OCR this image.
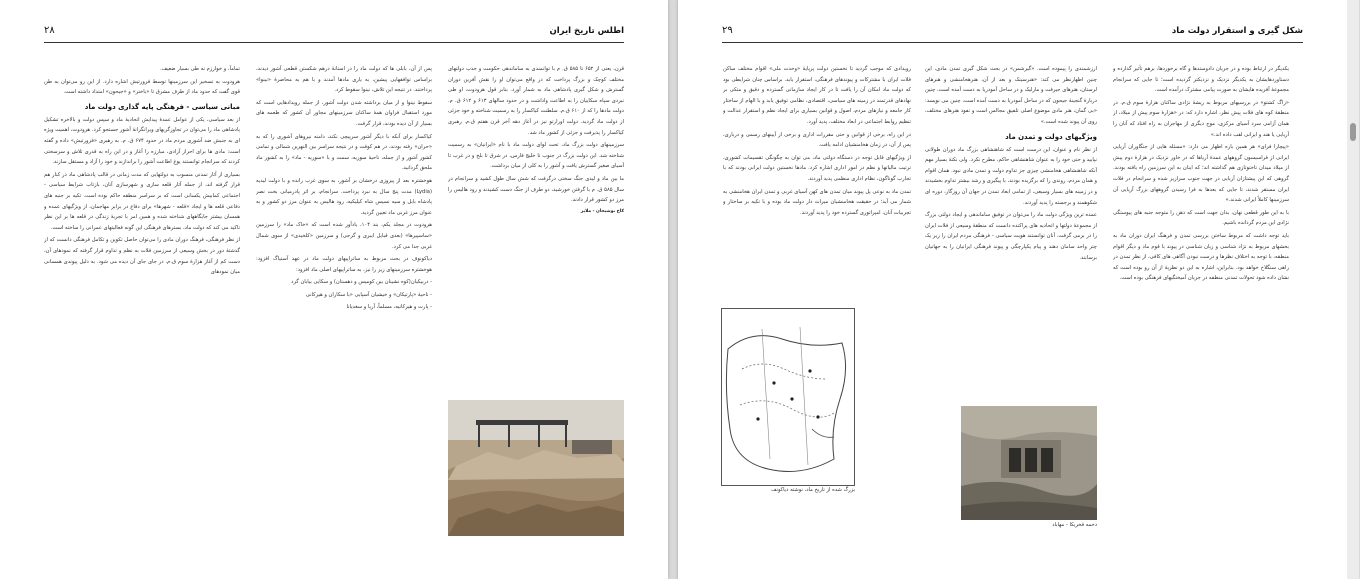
اطلس تاریخ ایران
۲۸

قرن، یعنی از ۶۵۲ تا ۵۸۵ ق. م با توانمندی به ساماندهی حکومت و جذب دولتهای مختلف کوچک و بزرگ پرداخت که در واقع می‌توان او را نقش آفرین دوران گسترش و شکل گیری پادشاهی ماد به شمار آورد. بنابر قول هرودوت، او طی نبردی سپاه سکاییان را به اطاعت واداشت و در حدود سالهای ۶۱۳ و ۶۱۲ ق. م. دولت مادها را که از ۶۱۰ ق.م. سلطنت کیاکسار را به رسمیت شناخته و خود جزئی از دولت ماد گردید. دولت اورارتو نیز در آغاز دهه آخر قرن هفتم ق.م. رهبری کیاکسار را پذیرفت و جزئی از کشور ماد شد.

سرزمینهای دولت بزرگ ماد، تحت لوای دولت ماد با نام «ایرانیان» به رسمیت شناخته شد. این دولت بزرگ در جنوب تا خلیج فارس، در شرق تا بلخ و در غرب تا آسیای صغیر گسترش یافت و آشور را به کلی از میان برداشت.

ما بین ماد و لیدی جنگ سختی درگرفت که شش سال طول کشید و سرانجام در سال ۵۸۵ ق. م با گرفتن خورشید، دو طرف از جنگ دست کشیدند و رود هالیس را مرز دو کشور قرار دادند.

کاخ نوشیجان - ملایر

پس از آن، بابلی ها که دولت ماد را در استانهٔ درهم شکستن قطعی آشور دیدند، براساس توافقهایی پیشین، به یاری مادها آمدند و با هم به محاصرهٔ «نینوا» پرداختند. در نتیجه این تلاش، نینوا سقوط کرد.

سقوط نینوا و از میان برداشته شدن دولت آشور، از جمله رویدادهایی است که مورد استقبال فراوان همهٔ ساکنان سرزمینهای مجاور آن کشور که طعمه های بسیار از آن دیده بودند، قرار گرفت.

کیاکسار برای آنکه با دیگر آشور سرپیچی نکند، دامنه نیروهای آشوری را که به «حران» رفته بودند، در هم کوفت و در نتیجه سراسر بین النهرین شمالی و تمامی کشور آشور و از جمله، ناحیهٔ سوریه، سمت و با «سوریه - ماد» را به کشور ماد ملحق گردانید.

هوخشتره بعد از پیروزی درخشان بر آشور، به سوی غرب رانده و با دولت لیدیه (Lydia) مدت پنج سال به نبرد پرداخت. سرانجام، بر اثر پادرمیانی بخت نصر پادشاه بابل و سیه نسیس شاه کیلیکیه، رود هالیس به عنوان مرز دو کشور و به عنوان مرز غربی ماد تعیین گردید.

هرودوت در مجلد یکم، بند ۱۰۴، یادآور شده است که «خاک ماد» را سرزمین «ساسپیرها» (بعدی قبایل ایبری و گرجی) و سرزمین «کلخیدی» از سوی شمال غربی جدا می کرد.

دیاکونوف در بحث مربوط به ساتراپیهای دولت ماد در عهد آستیاگ افزود: هوخشتره سرزمینهای زیر را نیز، به ساتراپیهای اصلی ماد افزود:

- دربیکیان(کوه نشینان بین کومیس و دهستان) و سکایی بیابان گرد

- ناحیهٔ «پارتیکان» و خیشیان آسپایی «با سکاران و هیرکانی

- پارت و هیرکانیه، مسلماً، آریا و سغدیانا

تمامآ، و خوارزم نه طی بسیار ضعیف.

هرودوت به تسخیر این سرزمینها توسط فرورتیش اشاره دارد. از این رو می‌توان به طن قوی گفت که حدود ماد از طرف مشرق تا «باختر» و «جیحون» امتداد داشته است.

مبانی سیاسی - فرهنگی پایه گذاری دولت ماد

از بعد سیاسی، یکی از عوامل عمدهٔ پیدایش اتحادیهٔ ماد و سپس دولت و بالاخره تشکیل پادشاهی ماد را می‌توان در تجاوزگریهای ویرانگرانهٔ آشور جستجو کرد. هرودوت، اهمیت ویژه ای به جنبش ضد آشوری مردم ماد در حدود ۶۷۴ ق. م. به رهبری «فرورتیش» داده و گفته است: مادی ها برای احراز آزادی، مبارزه را آغاز و در این راه به قدری تلاش و سرسختی کردند که سرانجام توانستند یوغ اطاعت آشور را براندازند و خود را آزاد و مستقل سازند.

بسیاری از آثار تمدنی منسوب به دولتهایی که مدت زمانی در قالب پادشاهی ماد در کنار هم قرار گرفته اند، از جمله آثار قلعه سازی و شهرسازی آنان، بازتاب شرایط سیاسی - اجتماعی کمابیش یکسانی است که بر سراسر منطقه حاکم بوده است. تکیه بر جنبه های دفاعی قلعه ها و ایجاد «قلعه - شهرها» برای دفاع در برابر مهاجمان، از ویژگیهای عمده و همسان بیشتر جایگاههای شناخته شده و همین امر با تجربهٔ زندگی در قلعه ها بر این نظر تاکید می کند که دولت ماد، بسترهای فرهنگی این گونه فعالیتهای عمرانی را ساخته است.

از نظر فرهنگی، فرهنگ دوران مادی را می‌توان حاصل تکوین و تکامل فرهنگی دانست که از گذشتهٔ دور در بخش وسیعی از سرزمین فلات به نظم و تداوم قرار گرفته که نمودهای آن، دست کم از آغاز هزارهٔ سوم ق.م. در جای جای آن دیده می شود. به دلیل پیوندی همسانی میان نمودهای

شکل گیری و استقرار دولت ماد
۲۹

یکدیگر در ارتباط بوده و در جریان دادوستدها و گاه برخوردها، برهم تأثیر گذارده و دستاوردهایشان به یکدیگر نزدیک و نزدیکتر گردیده است؛ تا جایی که سرانجام مجموعهٔ آفریده هایشان به صورت پیامی مشترک درآمده است.

«زاگ کشتو» در بررسیهای مربوط به ریشهٔ نژادی ساکنان هزارهٔ سوم ق.م. در منطقهٔ کوه های فلات پیش نظر، اشاره دارد که: در «هزارهٔ سوم پیش از میلاد، از همان آزامی سرد آسیای مرکزی، موج دیگری از مهاجران به راه افتاد که آنان را آریایی یا هند و ایرانی لقب داده اند.»

«پیچارا فرای» هر همین باره اظهار می دارد: «مسئله هایی از جنگاوران آریایی ایرانی از فراسیسون گروههای عمدهٔ آریاها که در خاور نزدیک در هزارهٔ دوم پیش از میلاد میدان تاختوتازی هم گذاشته اند؛ که اینان به این سرزمین راه یافته بودند. گروهی که این پیشتازان آریایی در جهت جنوب سرازیر شده و سرانجام در فلات ایران مستقر شدند، تا جایی که بعدها به فرا رسیدن گروههای بزرگ آریایی آن سرزمینها کاملاً ایرانی شدند.»

با به این طور قطعی نهان، بدان جهت است که ذهن را متوجه جنبه های پیوستگی نژادی این مردم گردانده باشیم.

باید توجه داشت که مربوط ساختن بررسی تمدن و فرهنگ ایران دوران ماد به بخشهای مربوط به نژاد شناسی و زبان شناسی در پیوند با قوم ماد و دیگر اقوام منطقه، با توجه به اختلاف نظرها و درست نبودن آگاهی های کافی، از نظر تمدن در راهی سنگلاخ خواهد بود. بنابراین، اشاره به این دو نظریهٔ از آن رو بوده است که نشان داده شود تحولات تمدنی منطقه در جریان آمیختگیهای فرهنگی بوده است.

ارزشمندی را پیموده است. «گیرشمن» در بحث شکل گیری تمدن مادی، این چنین اظهارنظر می کند: «هنرسینک و بعد از آن، هنرهخامنشی و هنرهای لرستان، هنرهای جیرفت و مارلیک و در ساحل آمودریا به دست آمده است، چنین دربارهٔ گنجینهٔ جیحون که در ساحل آمودریا به دست آمده است، چنین می نویسد: «بی گمان، هنر مادی موضوع اصلی تلفیق مجالس است و نفوذ هنرهای مختلف، روی آن پیوند شده است.»

ویژگیهای دولت و تمدن ماد

از نظر نام و عنوان، این درست است که شاهنشاهی بزرگ ماد دوران طولانی نپایید و حتی خود را به عنوان شاهنشاهی حاکم، مطرح نکرد. ولی نکتهٔ بسیار مهم آنکه شاهنشاهی هخامنشی چیزی جز تداوم دولت و تمدن مادی نبود. همان اقوام و همان مردم، روندی را که برگزیده بودند، با پیگیری و رشد بیشتر تداوم بخشیدند و در زمینه های بسیار وسیعی، از تمامی ابعاد تمدن در جهان آن روزگار، دوره ای شکوهمند و برجسته را پدید آوردند.

عمده ترین ویژگی دولت ماد را می‌توان در توفیق ساماندهی و ایجاد دولتی بزرگ از مجموعهٔ دولتها و اتحادیه های پراکنده دانست که منطقهٔ وسیعی از فلات ایران را در برمی گرفت. آنان توانستند هویت سیاسی - فرهنگی مردم ایران را زیر یک چتر واحد سامان دهند و پیام یکپارچگی و پیوند فرهنگی ایرانیان را به جهانیان برسانند.

دخمه فخریکا - مهاباد

رویدادی که موجب گردید تا نخستین دولت پرپایهٔ «وحدت ملی» اقوام مختلف ساکن فلات ایران با مشترکات و پیوندهای فرهنگی، استقرار یابد. براساس چنان شرایطی بود که دولت ماد امکان آن را یافت تا در کار ایجاد سازمانی گسترده و دقیق و متکی بر نهادهای قدرتمند در زمینه های سیاسی، اقتصادی، نظامی توفیق یابد و با الهام از ساختار کار جامعه و نیازهای مردم، اصول و قوانین بسیاری برای ایجاد نظم و استقرار عدالت و تنظیم روابط اجتماعی در ابعاد مختلف، پدید آورد.

در این راه، برخی از قوانین و حتی مقررات اداری و برخی از آیینهای رسمی و درباری، پس از آن، در زمان هخامنشیان ادامه یافت.

از ویژگیهای قابل توجه در دستگاه دولتی ماد، می توان به چگونگی تقسیمات کشوری، ترتیب مالیاتها و نظم در امور اداری اشاره کرد. مادها نخستین دولت ایرانی بودند که با تجارب گوناگون، نظام اداری منظمی پدید آوردند.

تمدن ماد به نوعی پل پیوند میان تمدن های کهن آسیای غربی و تمدن ایران هخامنشی به شمار می آید؛ در حقیقت هخامنشیان میراث دار دولت ماد بوده و با تکیه بر ساختار و تجربیات آنان، امپراتوری گسترده خود را پدید آوردند.

بزرگ شده از تاریخ ماد، نوشته دیاکونف
